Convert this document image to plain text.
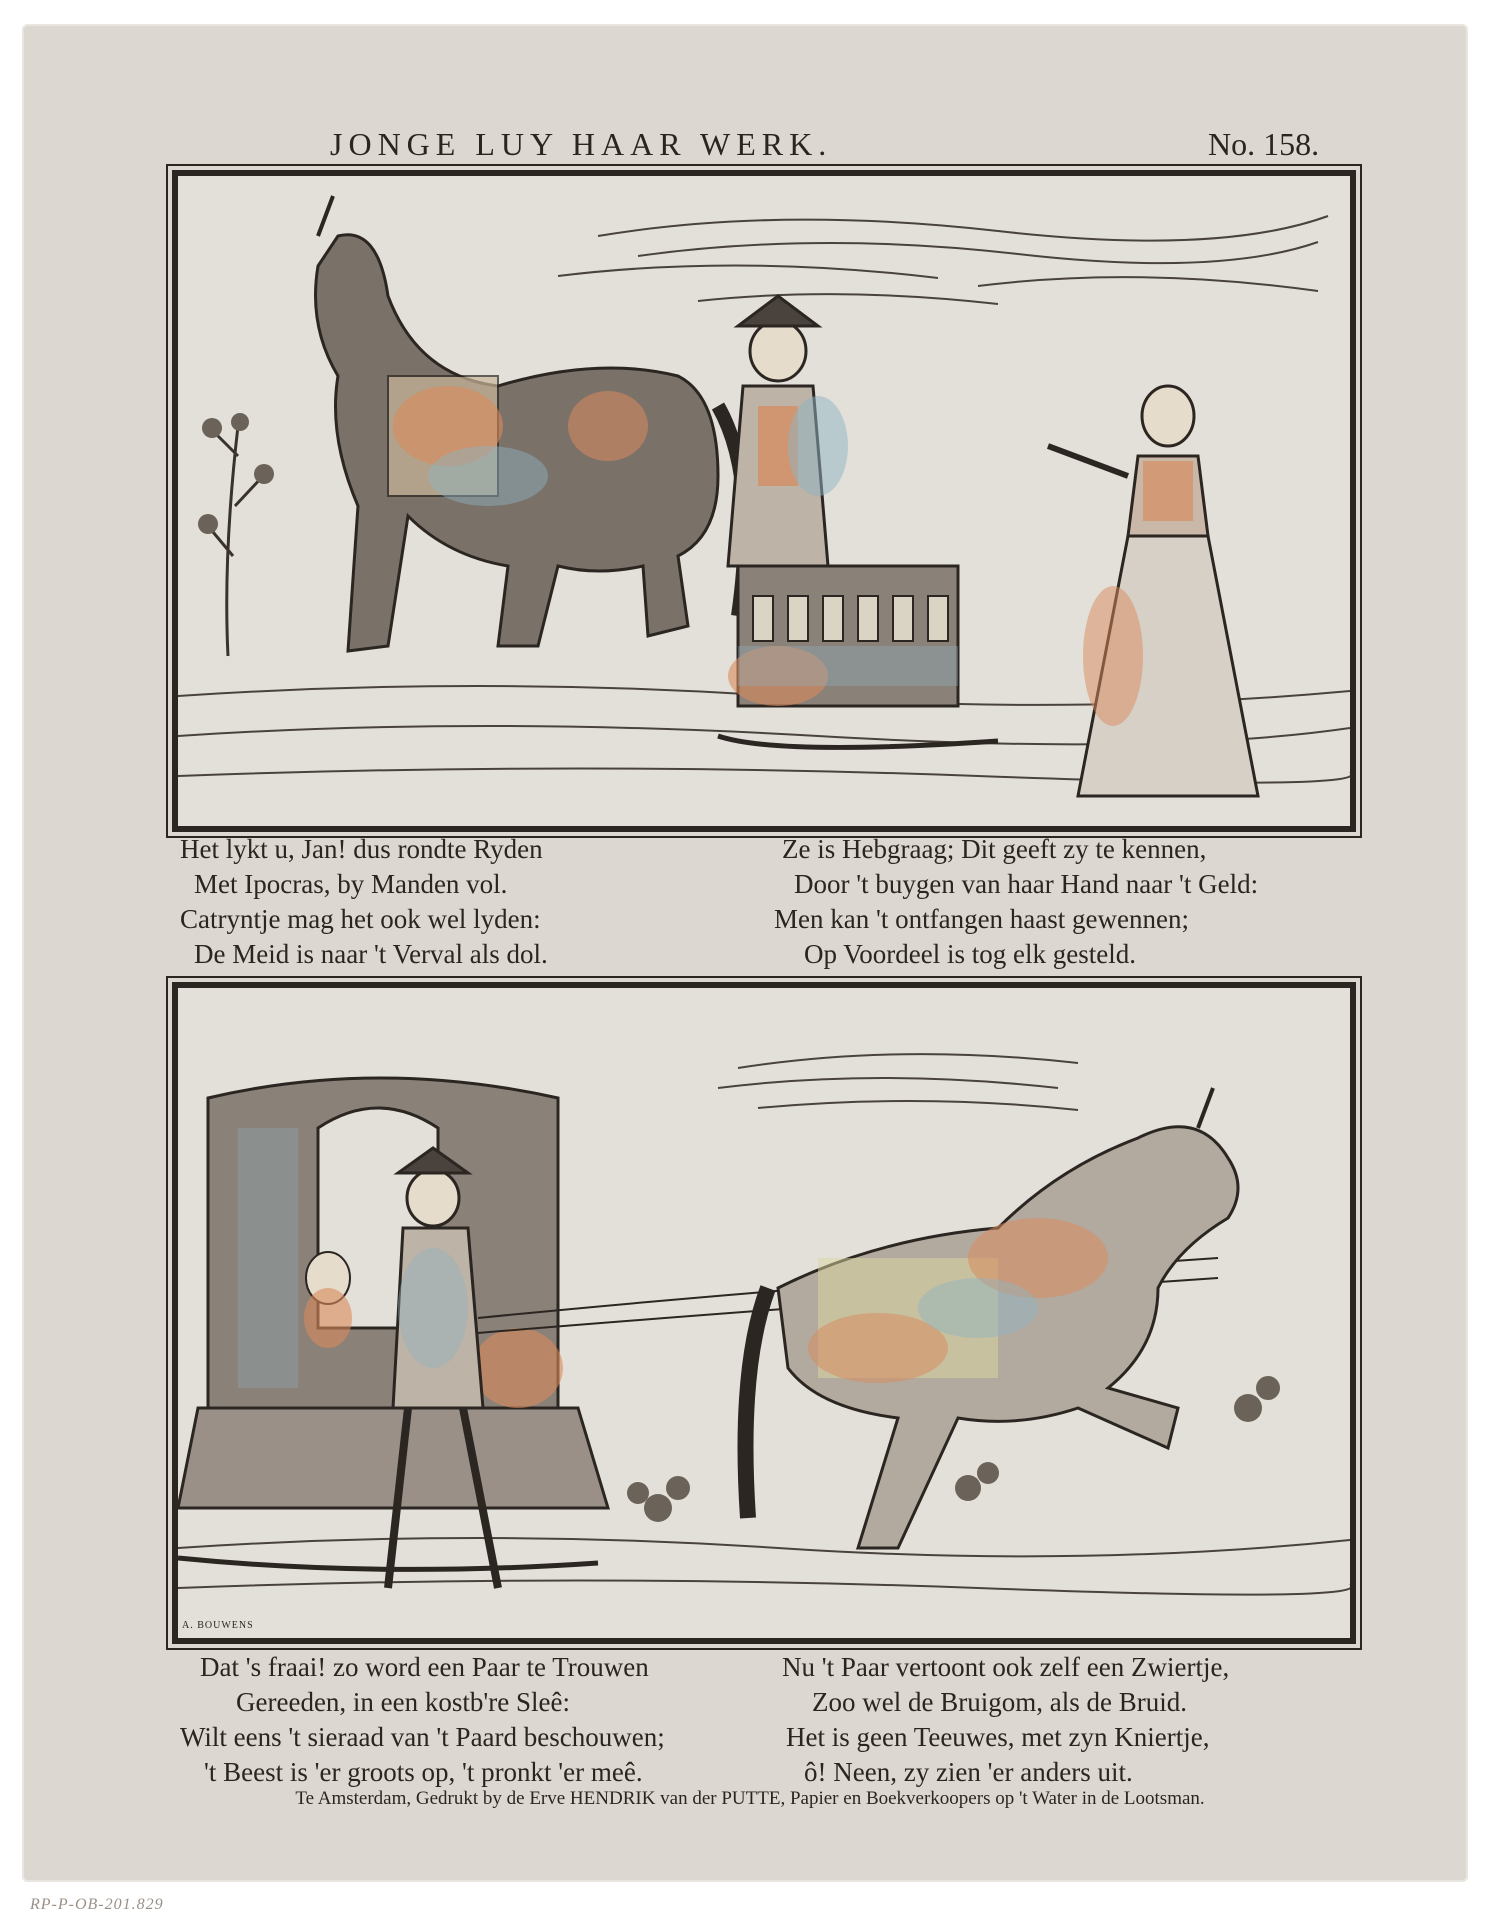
JONGE LUY HAAR WERK.	No. 158.
Het lykt u, Jan! dus rondte Ryden
Met Ipocras, by Manden vol.
Catryntje mag het ook wel lyden:
De Meid is naar 't Verval als dol.
Ze is Hebgraag; Dit geeft zy te kennen,
Door 't buygen van haar Hand naar 't Geld:
Men kan 't ontfangen haast gewennen;
Op Voordeel is tog elk gesteld.
A. BOUWENS
Dat 's fraai! zo word een Paar te Trouwen
Gereeden, in een kostb're Sleê:
Wilt eens 't sieraad van 't Paard beschouwen;
't Beest is 'er groots op, 't pronkt 'er meê.
Nu 't Paar vertoont ook zelf een Zwiertje,
Zoo wel de Bruigom, als de Bruid.
Het is geen Teeuwes, met zyn Kniertje,
ô! Neen, zy zien 'er anders uit.
Te Amsterdam, Gedrukt by de Erve HENDRIK van der PUTTE, Papier en Boekverkoopers op 't Water in de Lootsman.
RP-P-OB-201.829
